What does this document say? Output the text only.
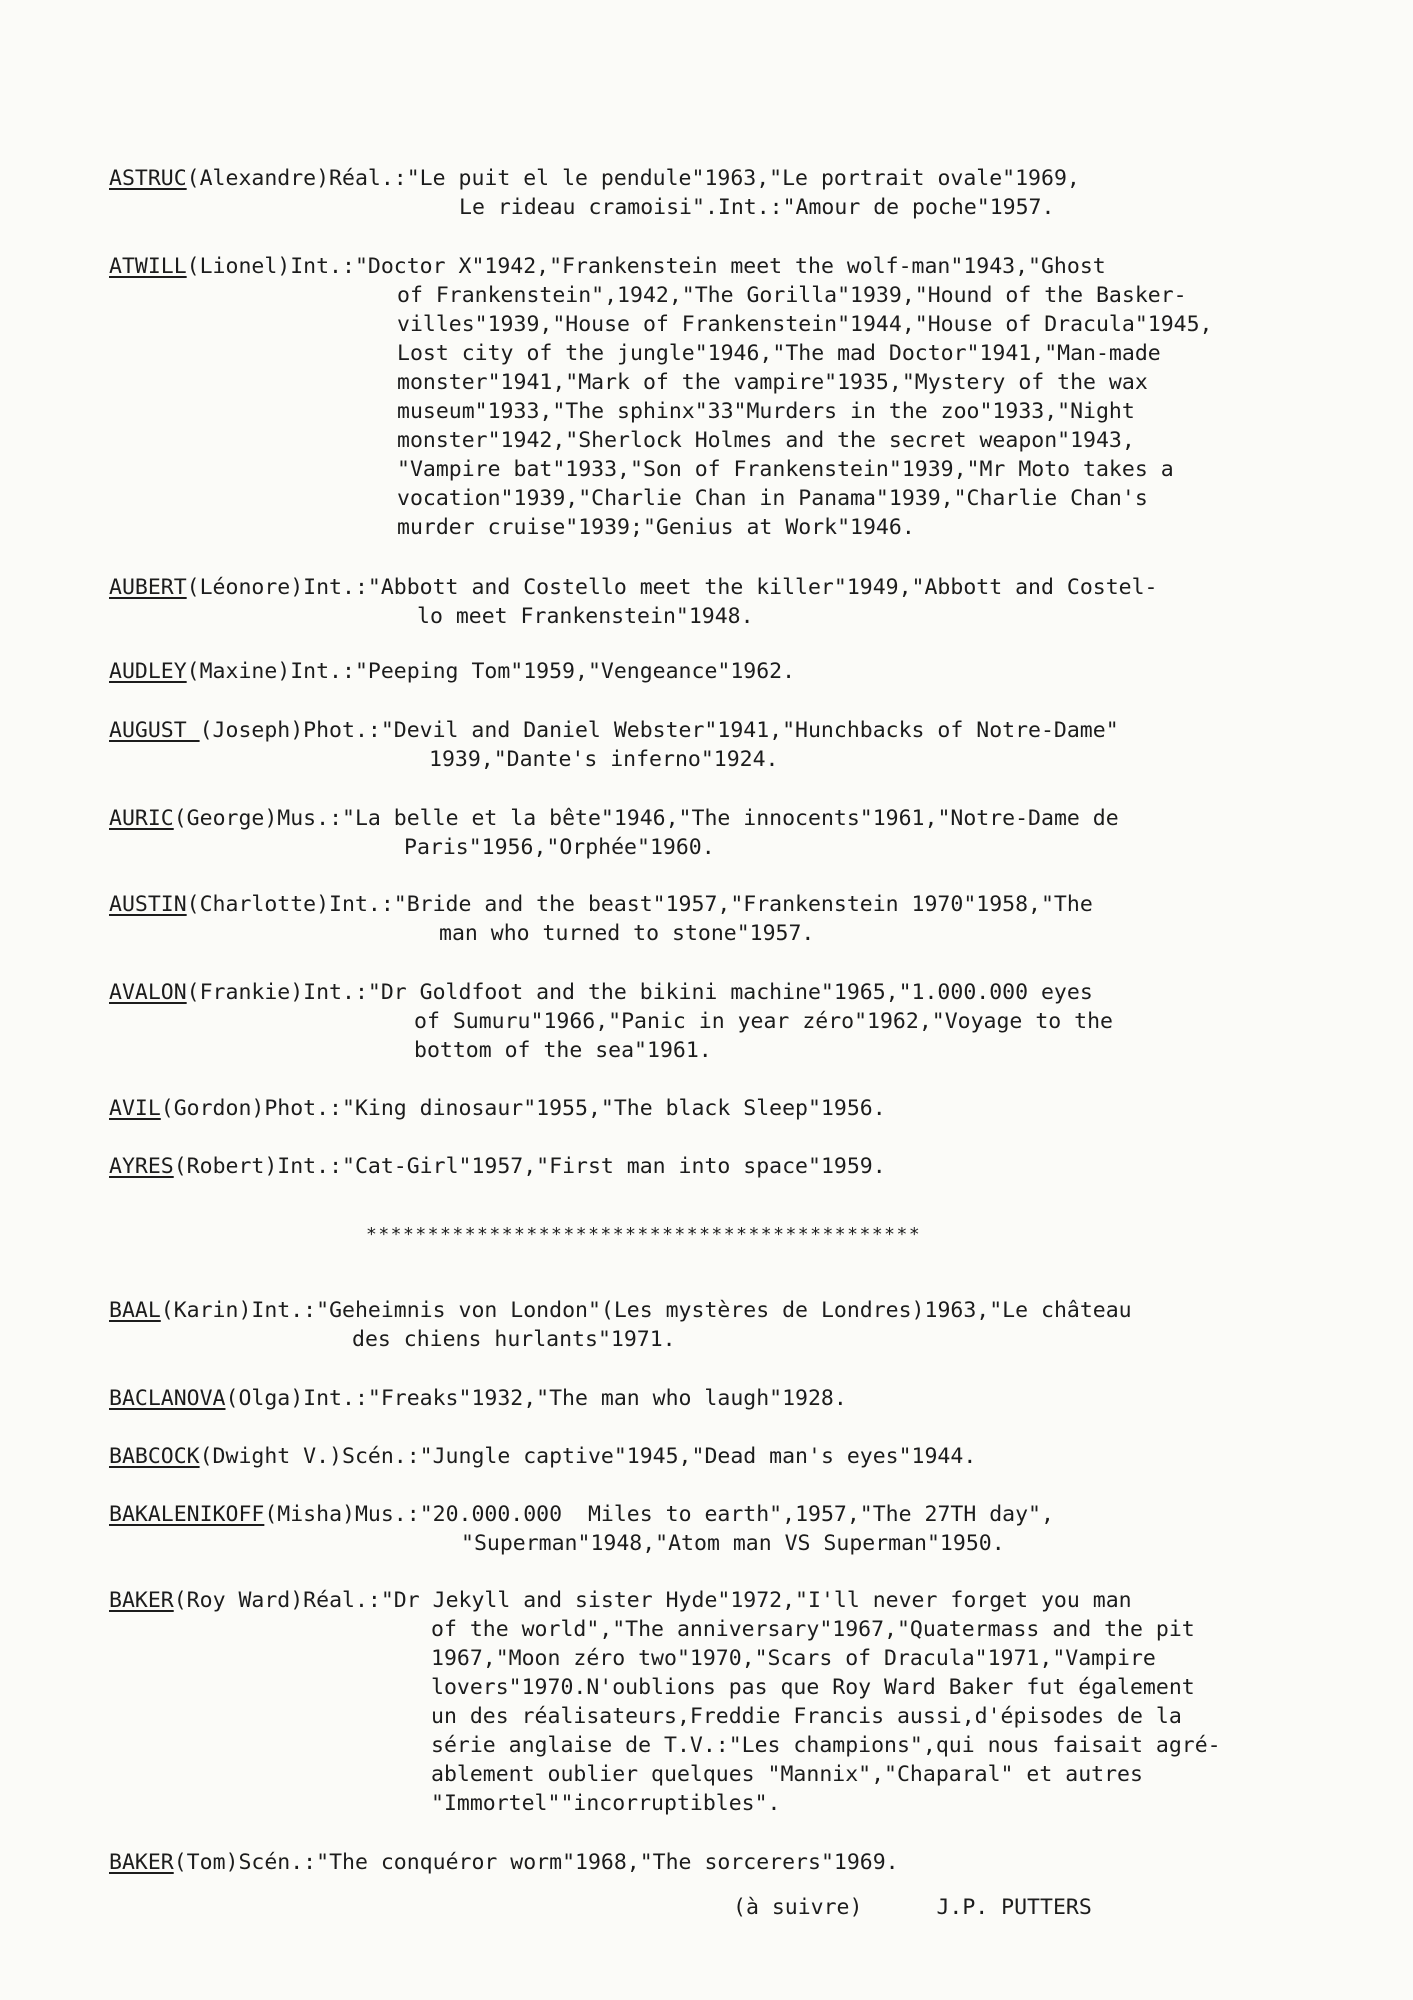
ASTRUC(Alexandre)Réal.:"Le puit el le pendule"1963,"Le portrait ovale"1969,
Le rideau cramoisi".Int.:"Amour de poche"1957.
ATWILL(Lionel)Int.:"Doctor X"1942,"Frankenstein meet the wolf-man"1943,"Ghost
of Frankenstein",1942,"The Gorilla"1939,"Hound of the Basker-
villes"1939,"House of Frankenstein"1944,"House of Dracula"1945,
Lost city of the jungle"1946,"The mad Doctor"1941,"Man-made
monster"1941,"Mark of the vampire"1935,"Mystery of the wax
museum"1933,"The sphinx"33"Murders in the zoo"1933,"Night
monster"1942,"Sherlock Holmes and the secret weapon"1943,
"Vampire bat"1933,"Son of Frankenstein"1939,"Mr Moto takes a
vocation"1939,"Charlie Chan in Panama"1939,"Charlie Chan's
murder cruise"1939;"Genius at Work"1946.
AUBERT(Léonore)Int.:"Abbott and Costello meet the killer"1949,"Abbott and Costel-
lo meet Frankenstein"1948.
AUDLEY(Maxine)Int.:"Peeping Tom"1959,"Vengeance"1962.
AUGUST (Joseph)Phot.:"Devil and Daniel Webster"1941,"Hunchbacks of Notre-Dame"
1939,"Dante's inferno"1924.
AURIC(George)Mus.:"La belle et la bête"1946,"The innocents"1961,"Notre-Dame de
Paris"1956,"Orphée"1960.
AUSTIN(Charlotte)Int.:"Bride and the beast"1957,"Frankenstein 1970"1958,"The
man who turned to stone"1957.
AVALON(Frankie)Int.:"Dr Goldfoot and the bikini machine"1965,"1.000.000 eyes
of Sumuru"1966,"Panic in year zéro"1962,"Voyage to the
bottom of the sea"1961.
AVIL(Gordon)Phot.:"King dinosaur"1955,"The black Sleep"1956.
AYRES(Robert)Int.:"Cat-Girl"1957,"First man into space"1959.
BAAL(Karin)Int.:"Geheimnis von London"(Les mystères de Londres)1963,"Le château
des chiens hurlants"1971.
BACLANOVA(Olga)Int.:"Freaks"1932,"The man who laugh"1928.
BABCOCK(Dwight V.)Scén.:"Jungle captive"1945,"Dead man's eyes"1944.
BAKALENIKOFF(Misha)Mus.:"20.000.000  Miles to earth",1957,"The 27TH day",
"Superman"1948,"Atom man VS Superman"1950.
BAKER(Roy Ward)Réal.:"Dr Jekyll and sister Hyde"1972,"I'll never forget you man
of the world","The anniversary"1967,"Quatermass and the pit
1967,"Moon zéro two"1970,"Scars of Dracula"1971,"Vampire
lovers"1970.N'oublions pas que Roy Ward Baker fut également
un des réalisateurs,Freddie Francis aussi,d'épisodes de la
série anglaise de T.V.:"Les champions",qui nous faisait agré-
ablement oublier quelques "Mannix","Chaparal" et autres
"Immortel""incorruptibles".
BAKER(Tom)Scén.:"The conquéror worm"1968,"The sorcerers"1969.
*********************************************
(à suivre)	J.P. PUTTERS
